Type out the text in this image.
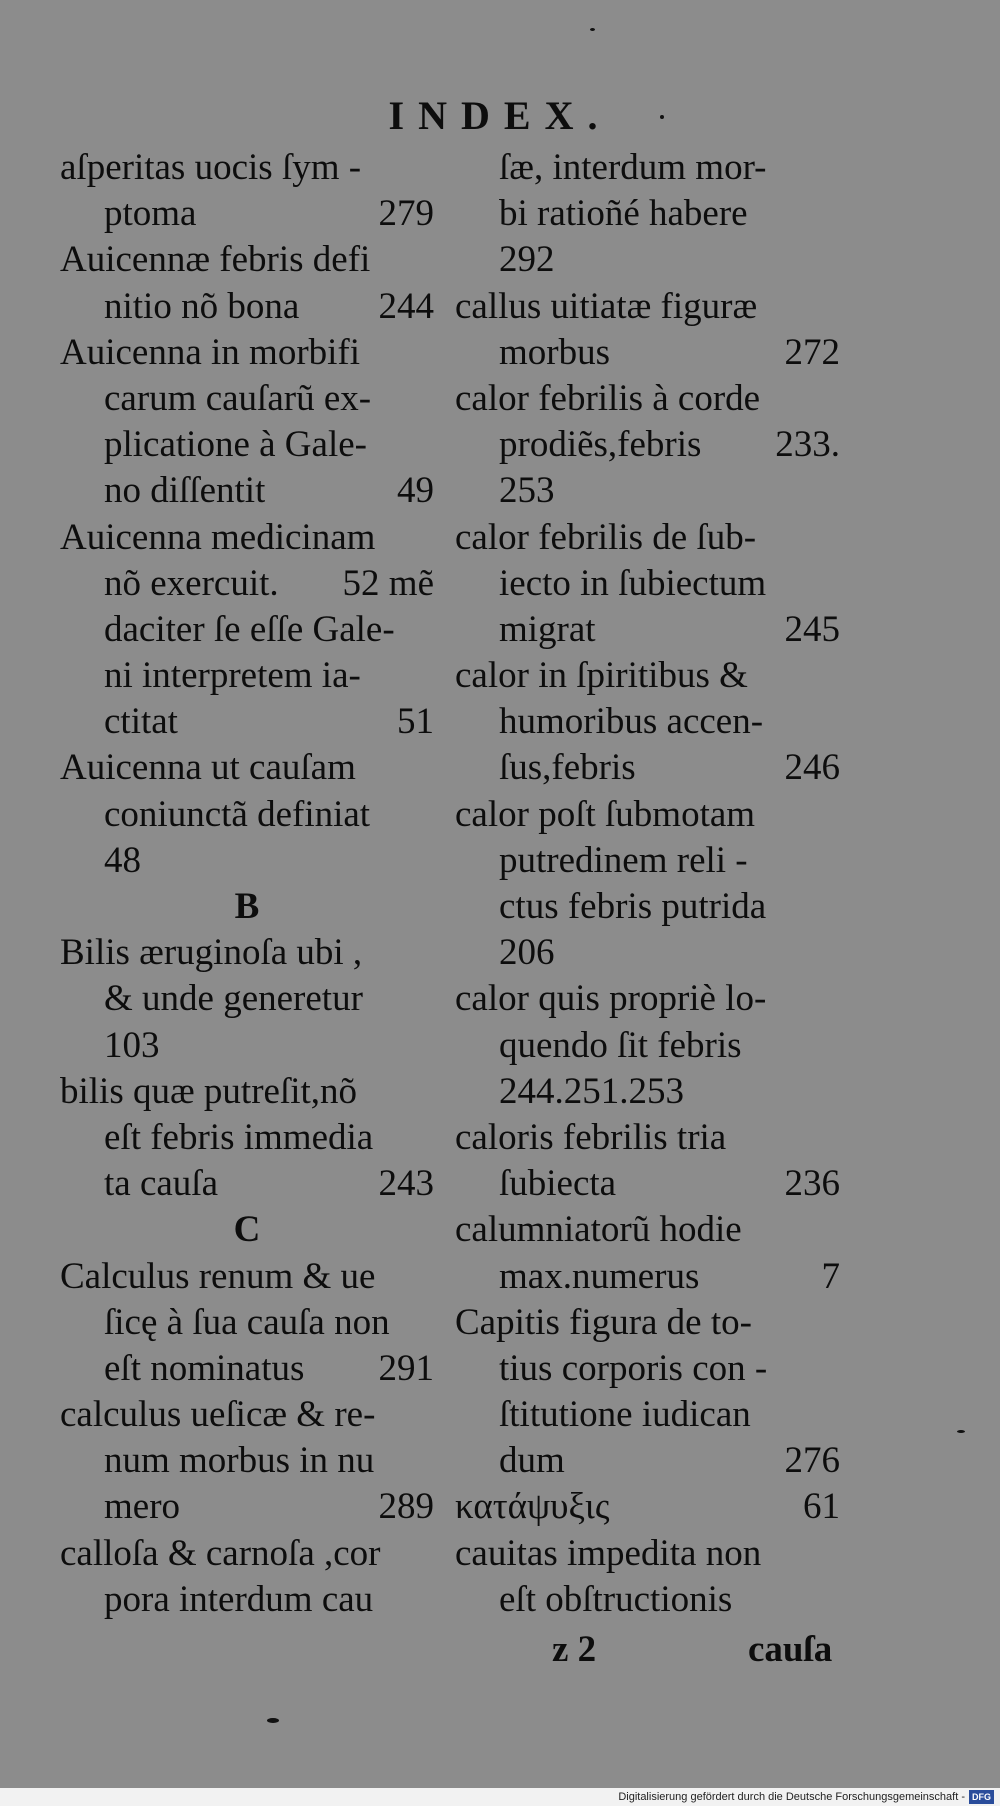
INDEX.
aſperitas uocis ſym -
ptoma	279
Auicennæ febris defi
nitio nõ bona	244
Auicenna in morbifi
carum cauſarũ ex-
plicatione à Gale-
no diſſentit	49
Auicenna medicinam
nõ exercuit.	52 mẽ
daciter ſe eſſe Gale-
ni interpretem ia-
ctitat	51
Auicenna ut cauſam
coniunctã definiat
48
B
Bilis æruginoſa ubi ,
& unde generetur
103
bilis quæ putreſit,nõ
eſt febris immedia
ta cauſa	243
C
Calculus renum & ue
ſicę à ſua cauſa non
eſt nominatus	291
calculus ueſicæ & re-
num morbus in nu
mero	289
calloſa & carnoſa ,cor
pora interdum cau
ſæ, interdum mor-
bi ratioñé habere
292
callus uitiatæ figuræ
morbus	272
calor febrilis à corde
prodiẽs,febris	233.
253
calor febrilis de ſub-
iecto in ſubiectum
migrat	245
calor in ſpiritibus &
humoribus accen-
ſus,febris	246
calor poſt ſubmotam
putredinem reli -
ctus febris putrida
206
calor quis propriè lo-
quendo ſit febris
244.251.253
caloris febrilis tria
ſubiecta	236
calumniatorũ hodie
max.numerus	7
Capitis figura de to-
tius corporis con -
ſtitutione iudican
dum	276
κατάψυξις	61
cauitas impedita non
eſt obſtructionis
z 2	cauſa
Digitalisierung gefördert durch die Deutsche Forschungsgemeinschaft - DFG
